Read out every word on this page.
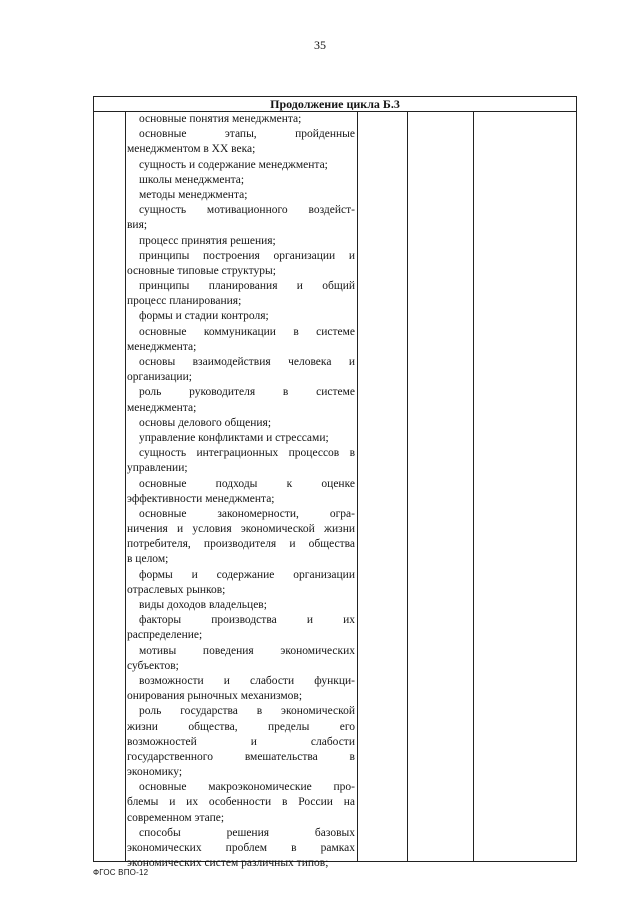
35
Продолжение цикла Б.3
основные понятия менеджмента;
основные этапы, пройденные
менеджментом в XX века;
сущность и содержание менеджмента;
школы менеджмента;
методы менеджмента;
сущность мотивационного воздейст-
вия;
процесс принятия решения;
принципы построения организации и
основные типовые структуры;
принципы планирования и общий
процесс планирования;
формы и стадии контроля;
основные коммуникации в системе
менеджмента;
основы взаимодействия человека и
организации;
роль руководителя в системе
менеджмента;
основы делового общения;
управление конфликтами и стрессами;
сущность интеграционных процессов в
управлении;
основные подходы к оценке
эффективности менеджмента;
основные закономерности, огра-
ничения и условия экономической жизни
потребителя, производителя и общества
в целом;
формы и содержание организации
отраслевых рынков;
виды доходов владельцев;
факторы производства и их
распределение;
мотивы поведения экономических
субъектов;
возможности и слабости функци-
онирования рыночных механизмов;
роль государства в экономической
жизни общества, пределы его
возможностей и слабости
государственного вмешательства в
экономику;
основные макроэкономические про-
блемы и их особенности в России на
современном этапе;
способы решения базовых
экономических проблем в рамках
экономических систем различных типов;
ФГОС ВПО-12
